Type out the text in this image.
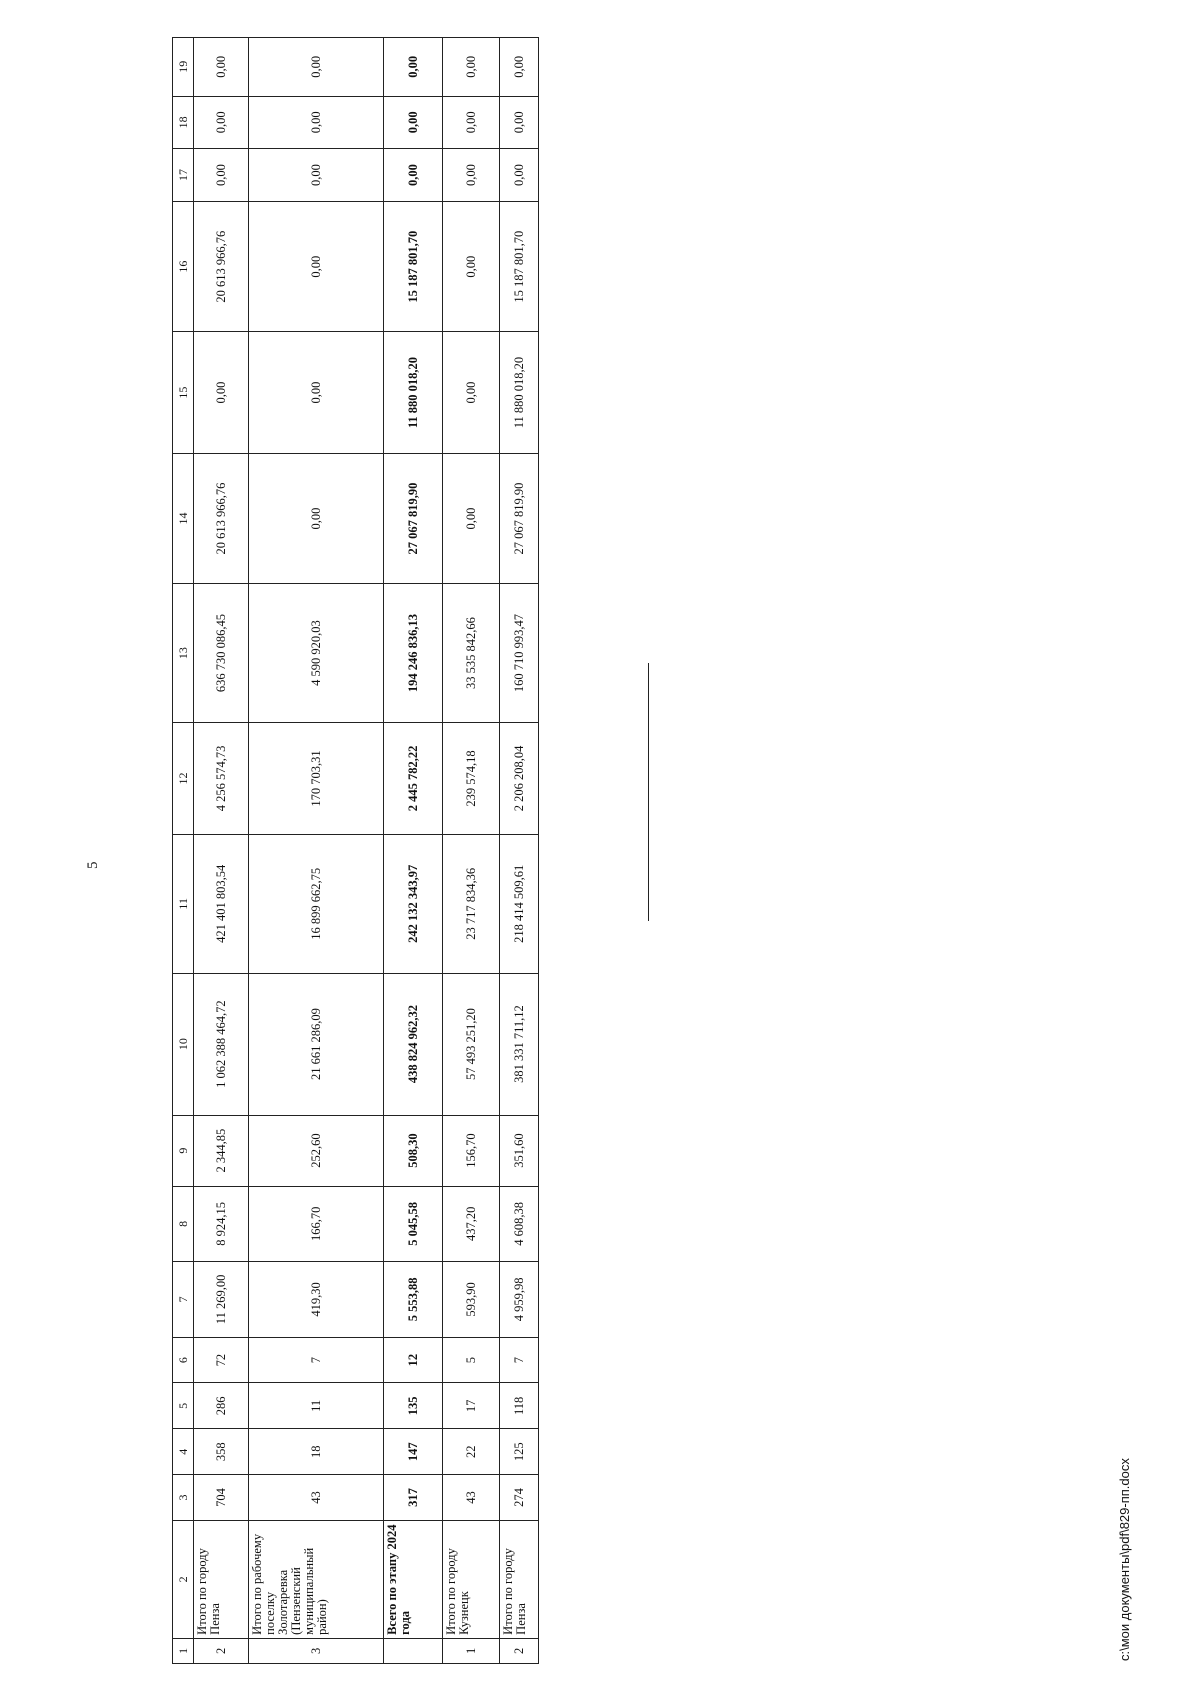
5
1	2	3	4	5	6	7	8	9	10	11	12	13	14	15	16	17	18	19
2	Итого по городу Пенза	704	358	286	72	11 269,00	8 924,15	2 344,85	1 062 388 464,72	421 401 803,54	4 256 574,73	636 730 086,45	20 613 966,76	0,00	20 613 966,76	0,00	0,00	0,00
3	Итого по рабочему поселку Золотаревка (Пензенский муниципальный район)	43	18	11	7	419,30	166,70	252,60	21 661 286,09	16 899 662,75	170 703,31	4 590 920,03	0,00	0,00	0,00	0,00	0,00	0,00
	Всего по этапу 2024 года	317	147	135	12	5 553,88	5 045,58	508,30	438 824 962,32	242 132 343,97	2 445 782,22	194 246 836,13	27 067 819,90	11 880 018,20	15 187 801,70	0,00	0,00	0,00
1	Итого по городу Кузнецк	43	22	17	5	593,90	437,20	156,70	57 493 251,20	23 717 834,36	239 574,18	33 535 842,66	0,00	0,00	0,00	0,00	0,00	0,00
2	Итого по городу Пенза	274	125	118	7	4 959,98	4 608,38	351,60	381 331 711,12	218 414 509,61	2 206 208,04	160 710 993,47	27 067 819,90	11 880 018,20	15 187 801,70	0,00	0,00	0,00
c:\мои документы\pdf\829-пп.docx
